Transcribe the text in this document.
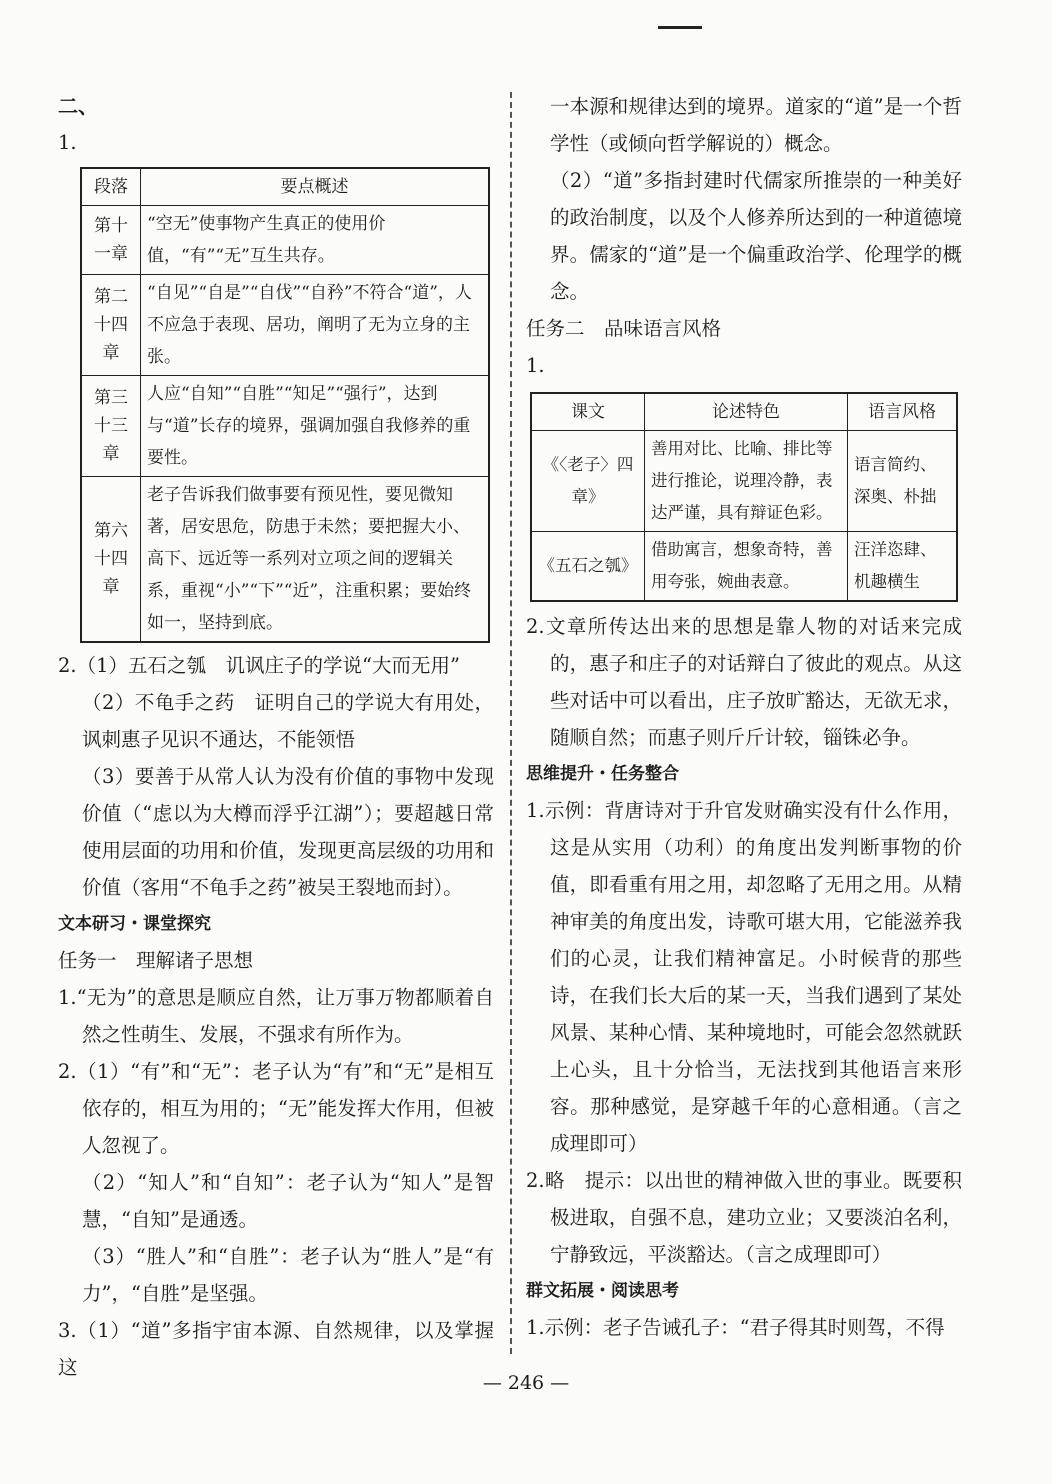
二、

1.

段落	要点概述
第十一章	“空无”使事物产生真正的使用价值，“有”“无”互生共存。
第二十四章	“自见”“自是”“自伐”“自矜”不符合“道”，人不应急于表现、居功，阐明了无为立身的主张。
第三十三章	人应“自知”“自胜”“知足”“强行”，达到与“道”长存的境界，强调加强自我修养的重要性。
第六十四章	老子告诉我们做事要有预见性，要见微知著，居安思危，防患于未然；要把握大小、高下、远近等一系列对立项之间的逻辑关系，重视“小”“下”“近”，注重积累；要始终如一，坚持到底。

2.（1）五石之瓠　讥讽庄子的学说“大而无用”

（2）不龟手之药　证明自己的学说大有用处，讽刺惠子见识不通达，不能领悟

（3）要善于从常人认为没有价值的事物中发现价值（“虑以为大樽而浮乎江湖”）；要超越日常使用层面的功用和价值，发现更高层级的功用和价值（客用“不龟手之药”被吴王裂地而封）。

文本研习・课堂探究

任务一　理解诸子思想

1.“无为”的意思是顺应自然，让万事万物都顺着自然之性萌生、发展，不强求有所作为。

2.（1）“有”和“无”：老子认为“有”和“无”是相互依存的，相互为用的；“无”能发挥大作用，但被人忽视了。

（2）“知人”和“自知”：老子认为“知人”是智慧，“自知”是通透。

（3）“胜人”和“自胜”：老子认为“胜人”是“有力”，“自胜”是坚强。

3.（1）“道”多指宇宙本源、自然规律，以及掌握这

一本源和规律达到的境界。道家的“道”是一个哲学性（或倾向哲学解说的）概念。

（2）“道”多指封建时代儒家所推崇的一种美好的政治制度，以及个人修养所达到的一种道德境界。儒家的“道”是一个偏重政治学、伦理学的概念。

任务二　品味语言风格

1.

课文	论述特色	语言风格
《〈老子〉四章》	善用对比、比喻、排比等进行推论，说理冷静，表达严谨，具有辩证色彩。	语言简约、深奥、朴拙
《五石之瓠》	借助寓言，想象奇特，善用夸张，婉曲表意。	汪洋恣肆、机趣横生

2.文章所传达出来的思想是靠人物的对话来完成的，惠子和庄子的对话辩白了彼此的观点。从这些对话中可以看出，庄子放旷豁达，无欲无求，随顺自然；而惠子则斤斤计较，锱铢必争。

思维提升・任务整合

1.示例：背唐诗对于升官发财确实没有什么作用，这是从实用（功利）的角度出发判断事物的价值，即看重有用之用，却忽略了无用之用。从精神审美的角度出发，诗歌可堪大用，它能滋养我们的心灵，让我们精神富足。小时候背的那些诗，在我们长大后的某一天，当我们遇到了某处风景、某种心情、某种境地时，可能会忽然就跃上心头，且十分恰当，无法找到其他语言来形容。那种感觉，是穿越千年的心意相通。（言之成理即可）

2.略　提示：以出世的精神做入世的事业。既要积极进取，自强不息，建功立业；又要淡泊名利，宁静致远，平淡豁达。（言之成理即可）

群文拓展・阅读思考

1.示例：老子告诫孔子：“君子得其时则驾，不得

— 246 —
